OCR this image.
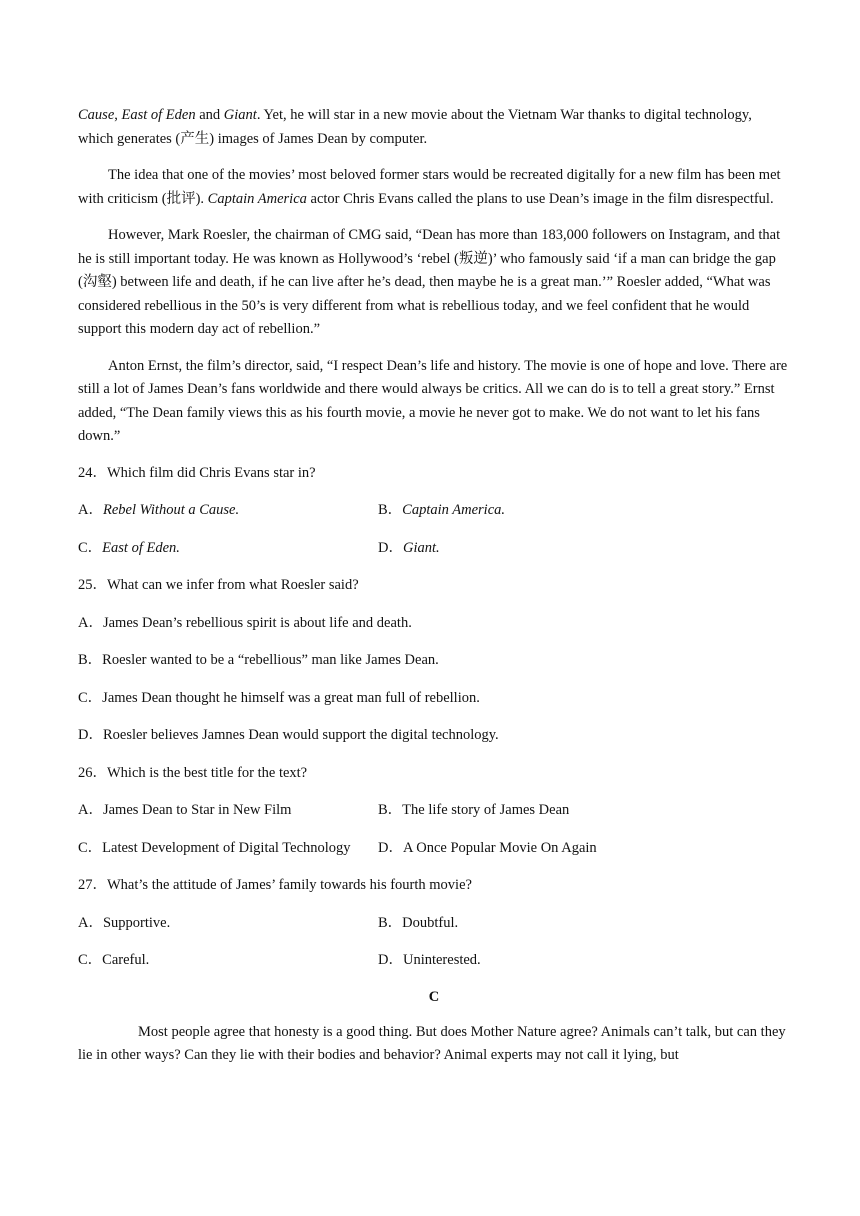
Cause, East of Eden and Giant. Yet, he will star in a new movie about the Vietnam War thanks to digital technology, which generates (产生) images of James Dean by computer.

The idea that one of the movies’ most beloved former stars would be recreated digitally for a new film has been met with criticism (批评). Captain America actor Chris Evans called the plans to use Dean’s image in the film disrespectful.

However, Mark Roesler, the chairman of CMG said, “Dean has more than 183,000 followers on Instagram, and that he is still important today. He was known as Hollywood’s ‘rebel (叛逆)’ who famously said ‘if a man can bridge the gap (沟壑) between life and death, if he can live after he’s dead, then maybe he is a great man.’” Roesler added, “What was considered rebellious in the 50’s is very different from what is rebellious today, and we feel confident that he would support this modern day act of rebellion.”

Anton Ernst, the film’s director, said, “I respect Dean’s life and history. The movie is one of hope and love. There are still a lot of James Dean’s fans worldwide and there would always be critics. All we can do is to tell a great story.” Ernst added, “The Dean family views this as his fourth movie, a movie he never got to make. We do not want to let his fans down.”

24．Which film did Chris Evans star in?

A．Rebel Without a Cause.	B．Captain America.
C．East of Eden.	D．Giant.

25．What can we infer from what Roesler said?

A．James Dean’s rebellious spirit is about life and death.

B．Roesler wanted to be a “rebellious” man like James Dean.

C．James Dean thought he himself was a great man full of rebellion.

D．Roesler believes Jamnes Dean would support the digital technology.

26．Which is the best title for the text?

A．James Dean to Star in New Film	B．The life story of James Dean
C．Latest Development of Digital Technology	D．A Once Popular Movie On Again

27．What’s the attitude of James’ family towards his fourth movie?

A．Supportive.	B．Doubtful.
C．Careful.	D．Uninterested.

C

Most people agree that honesty is a good thing. But does Mother Nature agree? Animals can’t talk, but can they lie in other ways? Can they lie with their bodies and behavior? Animal experts may not call it lying, but
